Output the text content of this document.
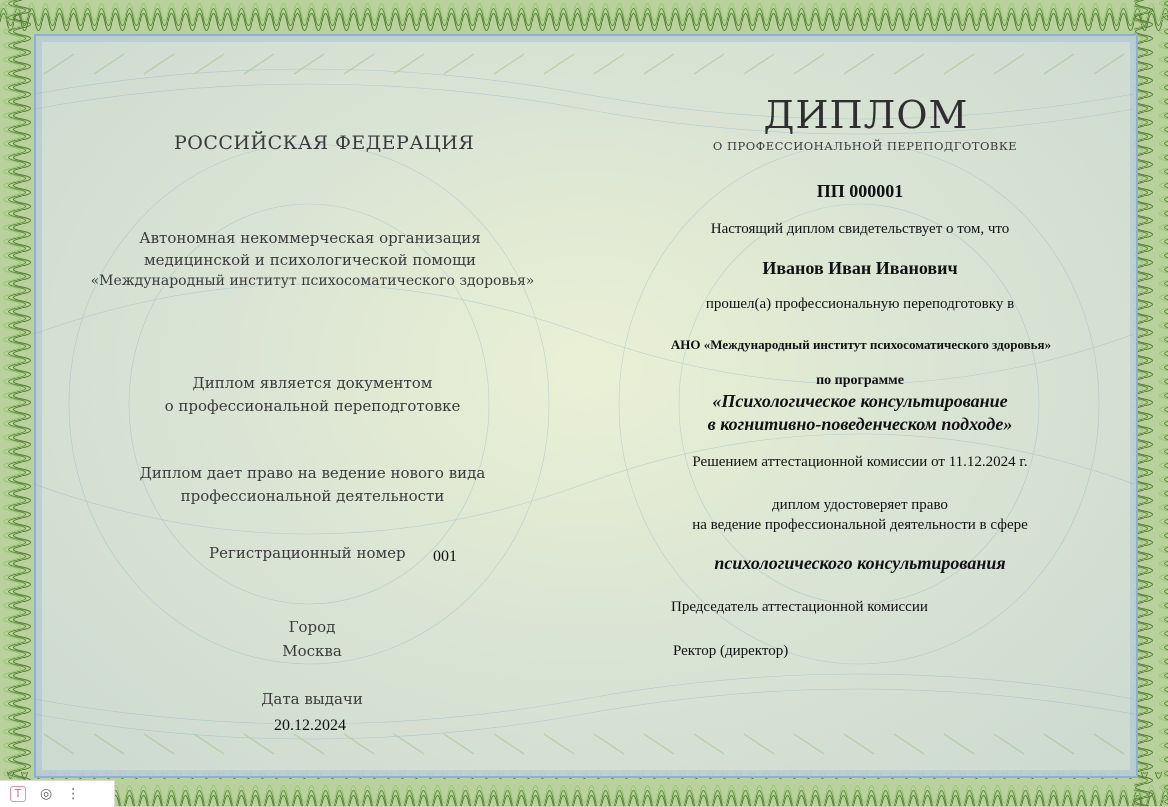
РОССИЙСКАЯ ФЕДЕРАЦИЯ
Автономная некоммерческая организация
медицинской и психологической помощи
«Международный институт психосоматического здоровья»
Диплом является документом
о профессиональной переподготовке
Диплом дает право на ведение нового вида
профессиональной деятельности
Регистрационный номер 001
Город
Москва
Дата выдачи
20.12.2024
ДИПЛОМ
О ПРОФЕССИОНАЛЬНОЙ ПЕРЕПОДГОТОВКЕ
ПП 000001
Настоящий диплом свидетельствует о том, что
Иванов Иван Иванович
прошел(а) профессиональную переподготовку в
АНО «Международный институт психосоматического здоровья»
по программе
«Психологическое консультирование
в когнитивно-поведенческом подходе»
Решением аттестационной комиссии от 11.12.2024 г.
диплом удостоверяет право
на ведение профессиональной деятельности в сфере
психологического консультирования
Председатель аттестационной комиссии
Ректор (директор)
T	◎ ⋮
